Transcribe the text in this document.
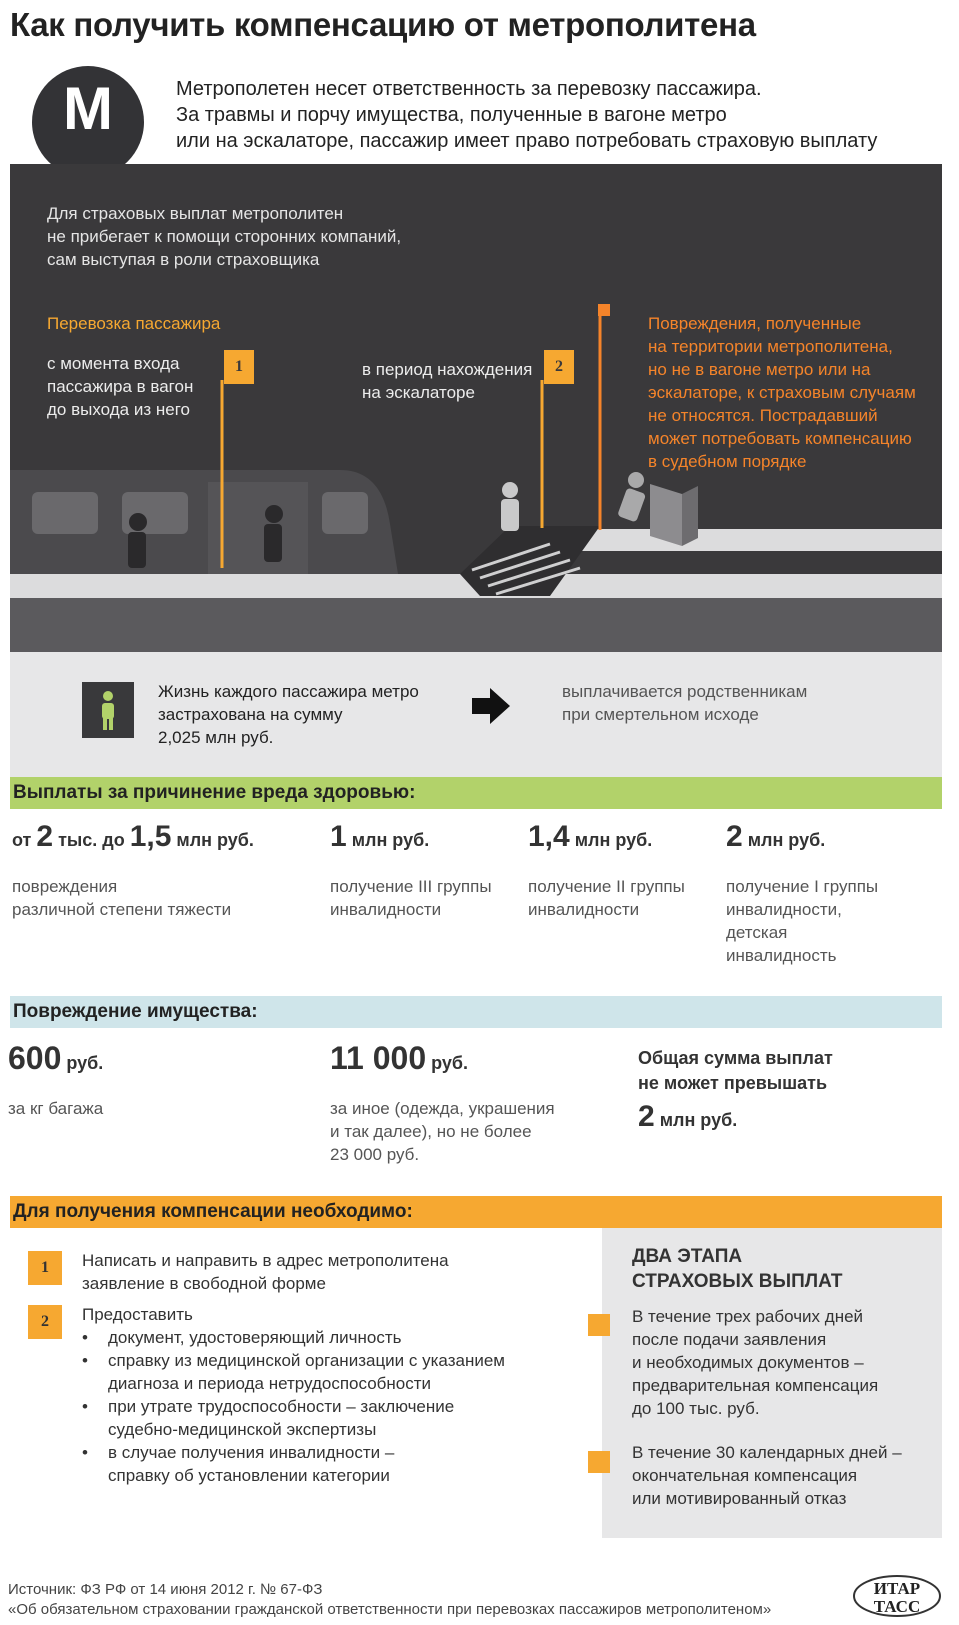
Как получить компенсацию от метрополитена
М	Метрополетен несет ответственность за перевозку пассажира.
За травмы и порчу имущества, полученные в вагоне метро
или на эскалаторе, пассажир имеет право потребовать страховую выплату
Для страховых выплат метрополитен
не прибегает к помощи сторонних компаний,
сам выступая в роли страховщика
Перевозка пассажира
с момента входа
пассажира в вагон
до выхода из него
1	в период нахождения
на эскалаторе
2
Повреждения, полученные
на территории метрополитена,
но не в вагоне метро или на
эскалаторе, к страховым случаям
не относятся. Пострадавший
может потребовать компенсацию
в судебном порядке
Жизнь каждого пассажира метро
застрахована на сумму
2,025 млн руб.
выплачивается родственникам
при смертельном исходе
Выплаты за причинение вреда здоровью:
от 2 тыс. до 1,5 млн руб.
повреждения
различной степени тяжести
1 млн руб.
получение III группы
инвалидности
1,4 млн руб.
получение II группы
инвалидности
2 млн руб.
получение I группы
инвалидности,
детская
инвалидность
Повреждение имущества:
600 руб.
за кг багажа
11 000 руб.
за иное (одежда, украшения
и так далее), но не более
23 000 руб.
Общая сумма выплат
не может превышать
2 млн руб.
Для получения компенсации необходимо:
1	Написать и направить в адрес метрополитена
заявление в свободной форме
2	Предоставить
• документ, удостоверяющий личность
• справку из медицинской организации с указанием
диагноза и периода нетрудоспособности
• при утрате трудоспособности – заключение
судебно-медицинской экспертизы
• в случае получения инвалидности –
справку об установлении категории
ДВА ЭТАПА
СТРАХОВЫХ ВЫПЛАТ
В течение трех рабочих дней
после подачи заявления
и необходимых документов –
предварительная компенсация
до 100 тыс. руб.
В течение 30 календарных дней –
окончательная компенсация
или мотивированный отказ
Источник: ФЗ РФ от 14 июня 2012 г. № 67-ФЗ
«Об обязательном страховании гражданской ответственности при перевозках пассажиров метрополитеном»
ИТАР
ТАСС
